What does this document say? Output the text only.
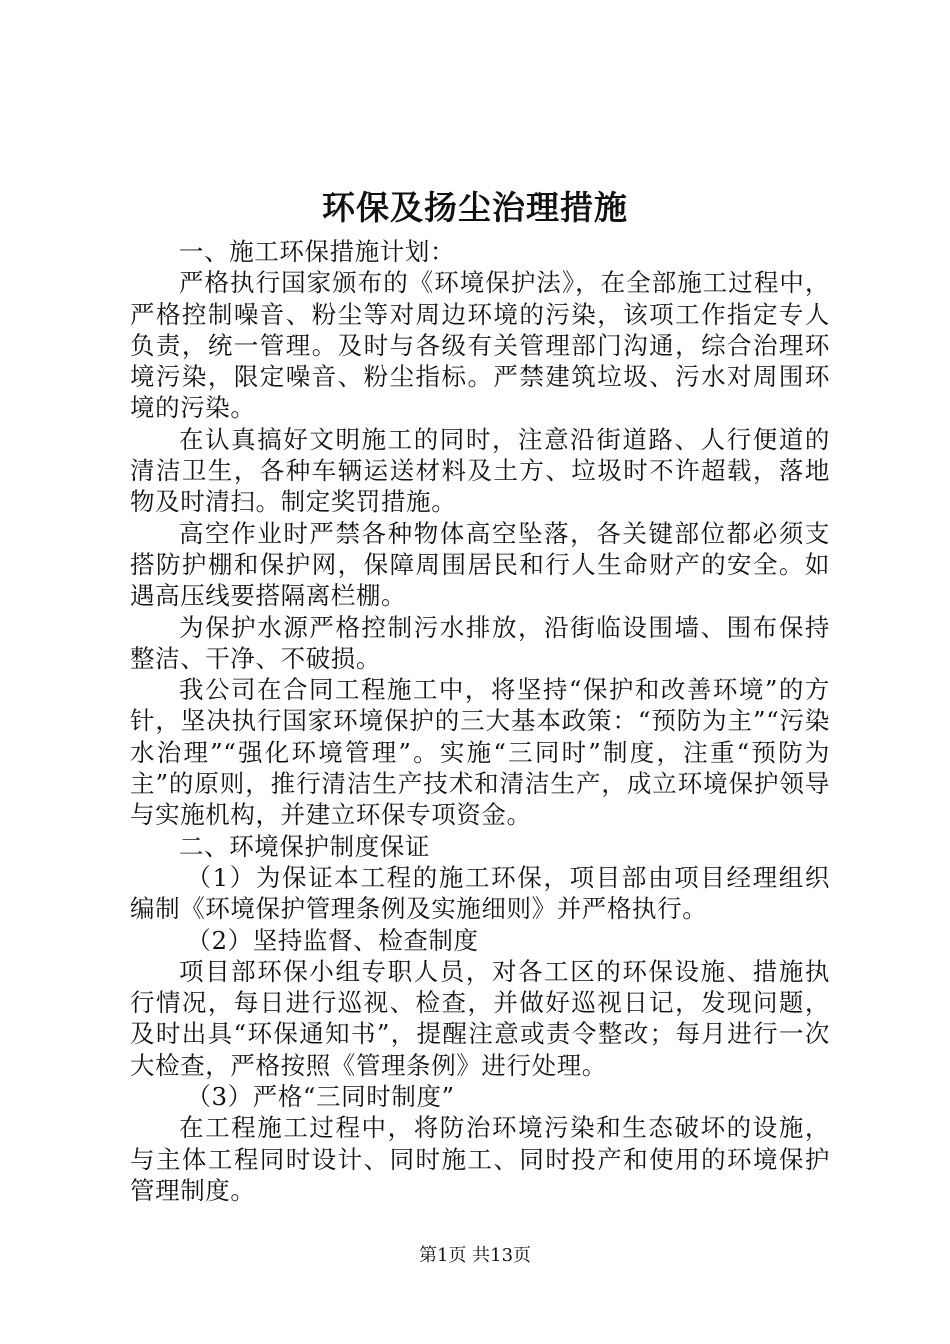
环保及扬尘治理措施

一、施工环保措施计划：

严格执行国家颁布的《环境保护法》，在全部施工过程中，严格控制噪音、粉尘等对周边环境的污染，该项工作指定专人负责，统一管理。及时与各级有关管理部门沟通，综合治理环境污染，限定噪音、粉尘指标。严禁建筑垃圾、污水对周围环境的污染。

在认真搞好文明施工的同时，注意沿街道路、人行便道的清洁卫生，各种车辆运送材料及土方、垃圾时不许超载，落地物及时清扫。制定奖罚措施。

高空作业时严禁各种物体高空坠落，各关键部位都必须支搭防护棚和保护网，保障周围居民和行人生命财产的安全。如遇高压线要搭隔离栏棚。

为保护水源严格控制污水排放，沿街临设围墙、围布保持整洁、干净、不破损。

我公司在合同工程施工中，将坚持“保护和改善环境”的方针，坚决执行国家环境保护的三大基本政策：“预防为主”“污染水治理”“强化环境管理”。实施“三同时”制度，注重“预防为主”的原则，推行清洁生产技术和清洁生产，成立环境保护领导与实施机构，并建立环保专项资金。

二、环境保护制度保证

（1）为保证本工程的施工环保，项目部由项目经理组织编制《环境保护管理条例及实施细则》并严格执行。

（2）坚持监督、检查制度

项目部环保小组专职人员，对各工区的环保设施、措施执行情况，每日进行巡视、检查，并做好巡视日记，发现问题，及时出具“环保通知书”，提醒注意或责令整改；每月进行一次大检查，严格按照《管理条例》进行处理。

（3）严格“三同时制度”

在工程施工过程中，将防治环境污染和生态破坏的设施，与主体工程同时设计、同时施工、同时投产和使用的环境保护管理制度。

第1页 共13页
